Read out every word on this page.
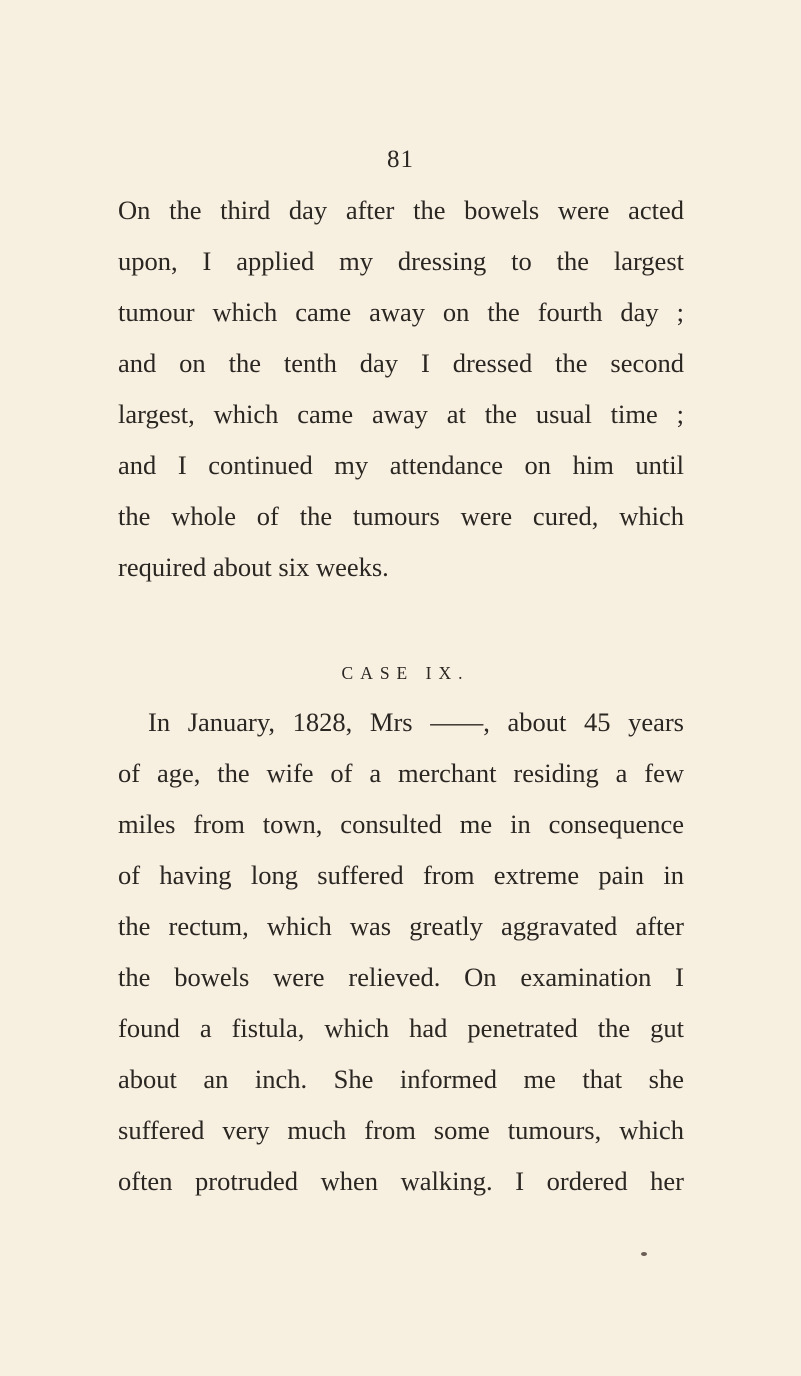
81
On the third day after the bowels were acted
upon, I applied my dressing to the largest
tumour which came away on the fourth day ;
and on the tenth day I dressed the second
largest, which came away at the usual time ;
and I continued my attendance on him until
the whole of the tumours were cured, which
required about six weeks.
CASE IX.
In January, 1828, Mrs ——, about 45 years
of age, the wife of a merchant residing a few
miles from town, consulted me in consequence
of having long suffered from extreme pain in
the rectum, which was greatly aggravated after
the bowels were relieved. On examination I
found a fistula, which had penetrated the gut
about an inch. She informed me that she
suffered very much from some tumours, which
often protruded when walking. I ordered her
